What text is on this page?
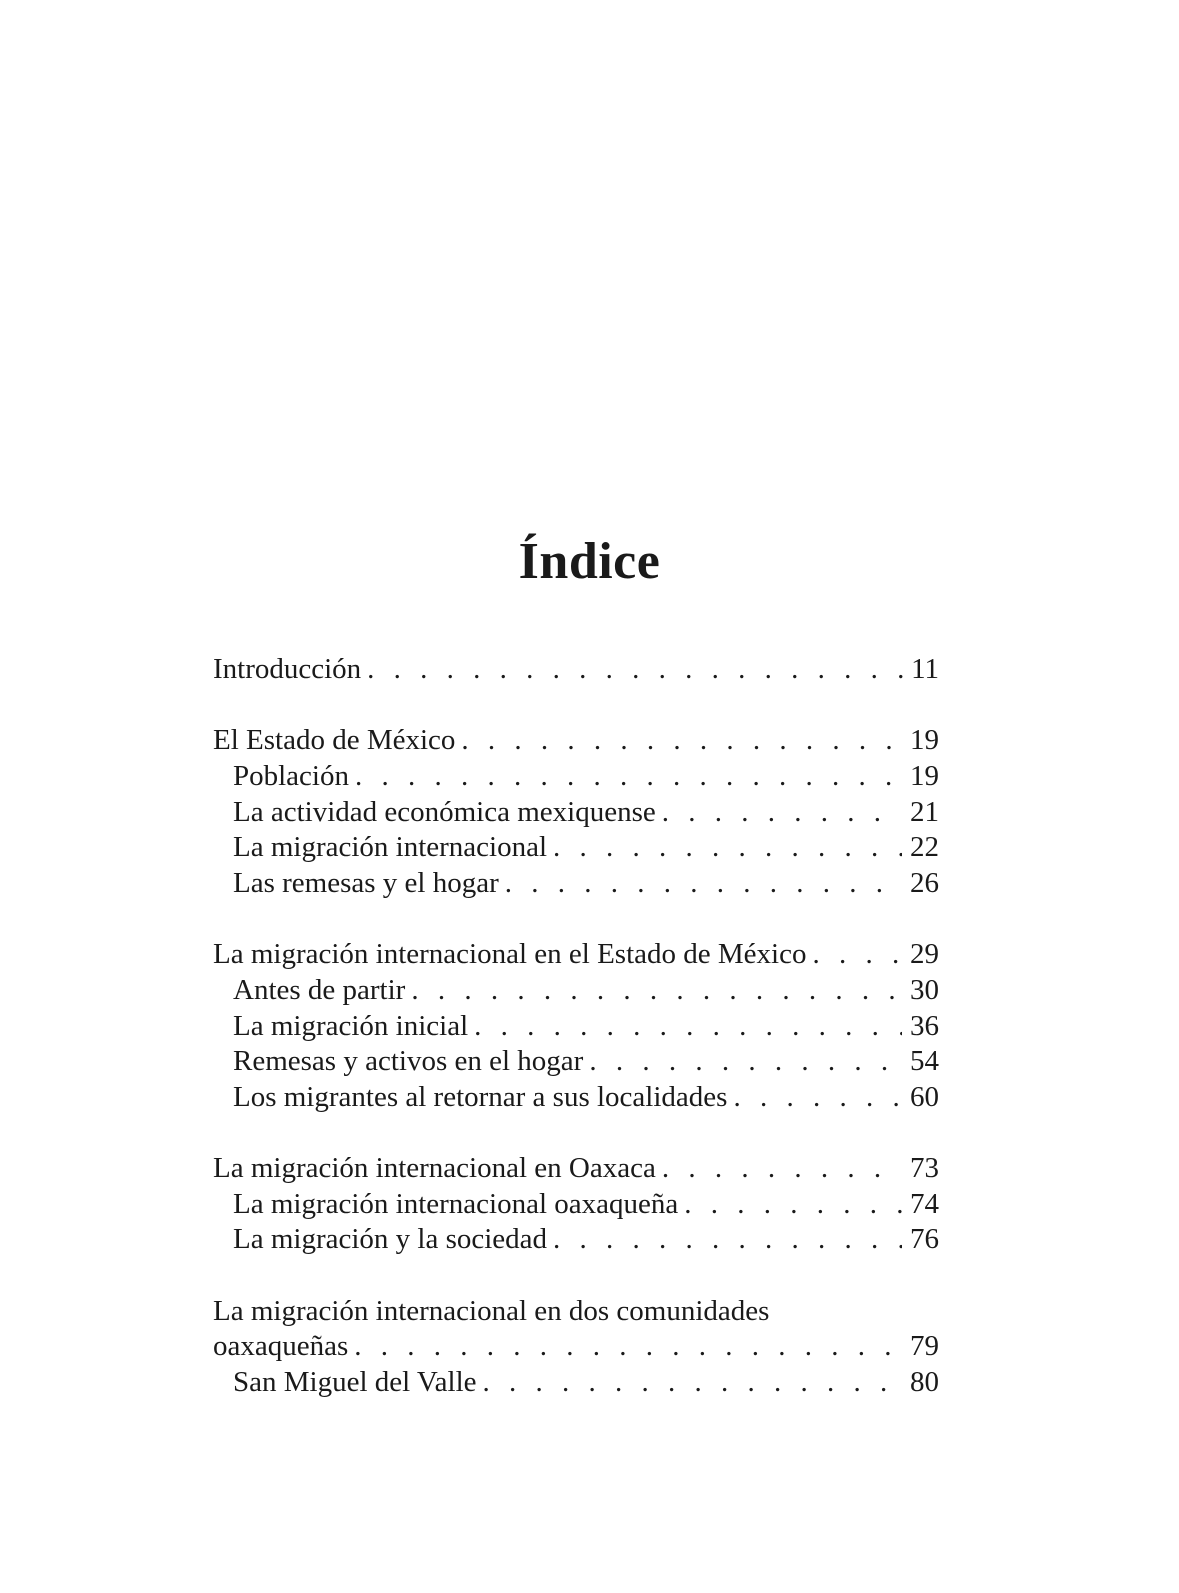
Índice
Introducción . . .	11
El Estado de México . . .	19
Población . . .	19
La actividad económica mexiquense . . .	21
La migración internacional . . .	22
Las remesas y el hogar . . .	26
La migración internacional en el Estado de México . . .	29
Antes de partir . . .	30
La migración inicial . . .	36
Remesas y activos en el hogar . . .	54
Los migrantes al retornar a sus localidades . . .	60
La migración internacional en Oaxaca . . .	73
La migración internacional oaxaqueña . . .	74
La migración y la sociedad . . .	76
La migración internacional en dos comunidades
oaxaqueñas . . .	79
San Miguel del Valle . . .	80
